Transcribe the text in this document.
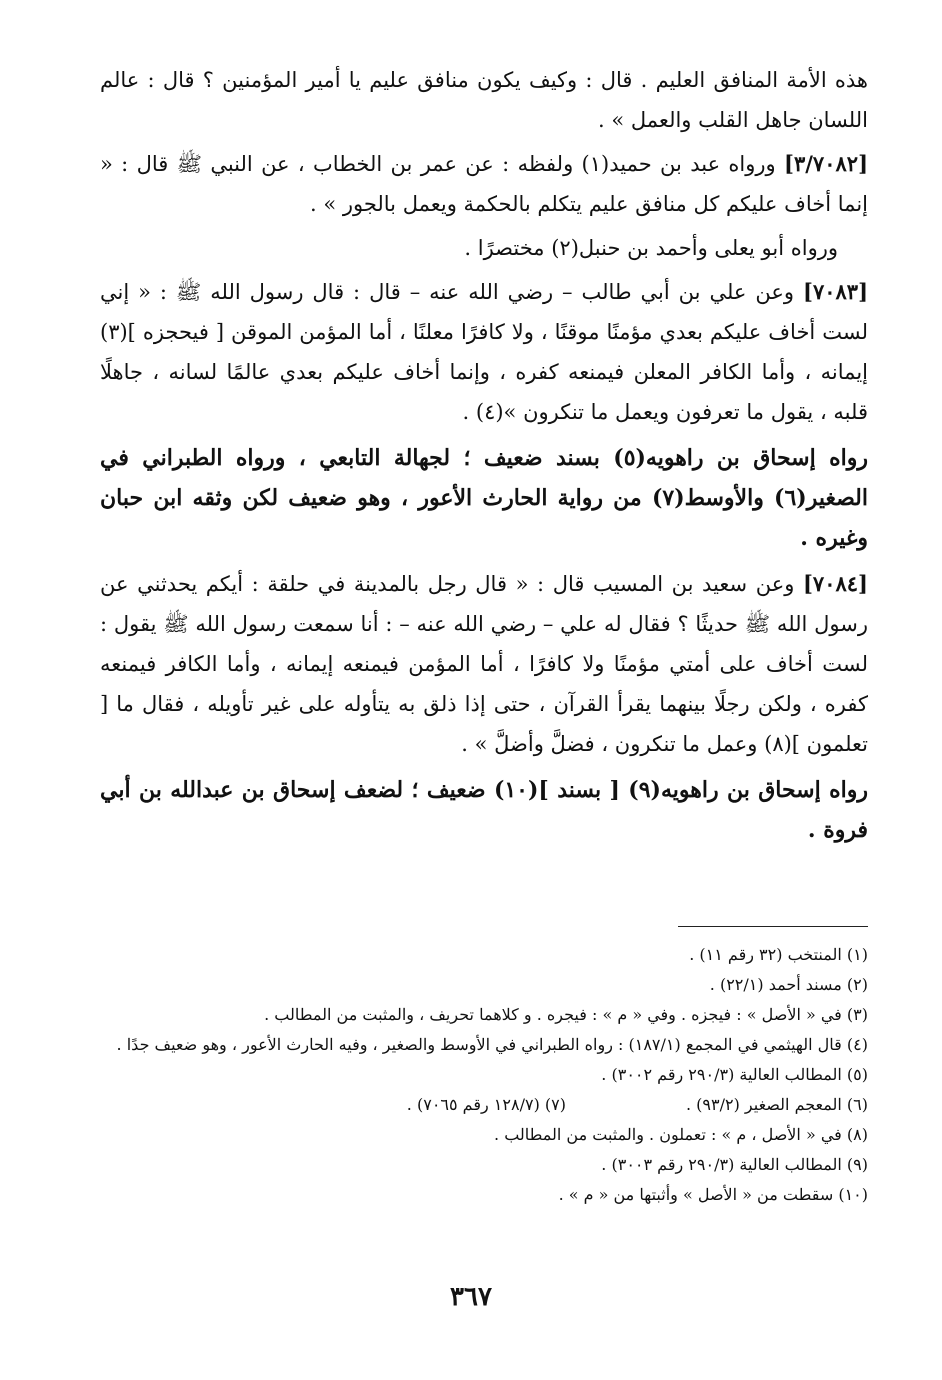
هذه الأمة المنافق العليم . قال : وكيف يكون منافق عليم يا أمير المؤمنين ؟ قال : عالم اللسان جاهل القلب والعمل » .

[٣/٧٠٨٢] ورواه عبد بن حميد(١) ولفظه : عن عمر بن الخطاب ، عن النبي ﷺ قال : « إنما أخاف عليكم كل منافق عليم يتكلم بالحكمة ويعمل بالجور » .

ورواه أبو يعلى وأحمد بن حنبل(٢) مختصرًا .

[٧٠٨٣] وعن علي بن أبي طالب – رضي الله عنه – قال : قال رسول الله ﷺ : « إني لست أخاف عليكم بعدي مؤمنًا موقنًا ، ولا كافرًا معلنًا ، أما المؤمن الموقن [ فيحجزه ](٣) إيمانه ، وأما الكافر المعلن فيمنعه كفره ، وإنما أخاف عليكم بعدي عالمًا لسانه ، جاهلًا قلبه ، يقول ما تعرفون ويعمل ما تنكرون »(٤) .

رواه إسحاق بن راهويه(٥) بسند ضعيف ؛ لجهالة التابعي ، ورواه الطبراني في الصغير(٦) والأوسط(٧) من رواية الحارث الأعور ، وهو ضعيف لكن وثقه ابن حبان وغيره .

[٧٠٨٤] وعن سعيد بن المسيب قال : « قال رجل بالمدينة في حلقة : أيكم يحدثني عن رسول الله ﷺ حديثًا ؟ فقال له علي – رضي الله عنه – : أنا سمعت رسول الله ﷺ يقول : لست أخاف على أمتي مؤمنًا ولا كافرًا ، أما المؤمن فيمنعه إيمانه ، وأما الكافر فيمنعه كفره ، ولكن رجلًا بينهما يقرأ القرآن ، حتى إذا ذلق به يتأوله على غير تأويله ، فقال ما [ تعلمون ](٨) وعمل ما تنكرون ، فضلَّ وأضلَّ » .

رواه إسحاق بن راهويه(٩) [ بسند ](١٠) ضعيف ؛ لضعف إسحاق بن عبدالله بن أبي فروة .

(١) المنتخب (٣٢ رقم ١١) .
(٢) مسند أحمد (٢٢/١) .
(٣) في « الأصل » : فيجزه . وفي « م » : فيجره . و كلاهما تحريف ، والمثبت من المطالب .
(٤) قال الهيثمي في المجمع (١٨٧/١) : رواه الطبراني في الأوسط والصغير ، وفيه الحارث الأعور ، وهو ضعيف جدًا .
(٥) المطالب العالية (٢٩٠/٣ رقم ٣٠٠٢) .
(٦) المعجم الصغير (٩٣/٢) .
(٧) (١٢٨/٧ رقم ٧٠٦٥) .
(٨) في « الأصل ، م » : تعملون . والمثبت من المطالب .
(٩) المطالب العالية (٢٩٠/٣ رقم ٣٠٠٣) .
(١٠) سقطت من « الأصل » وأثبتها من « م » .
٣٦٧
